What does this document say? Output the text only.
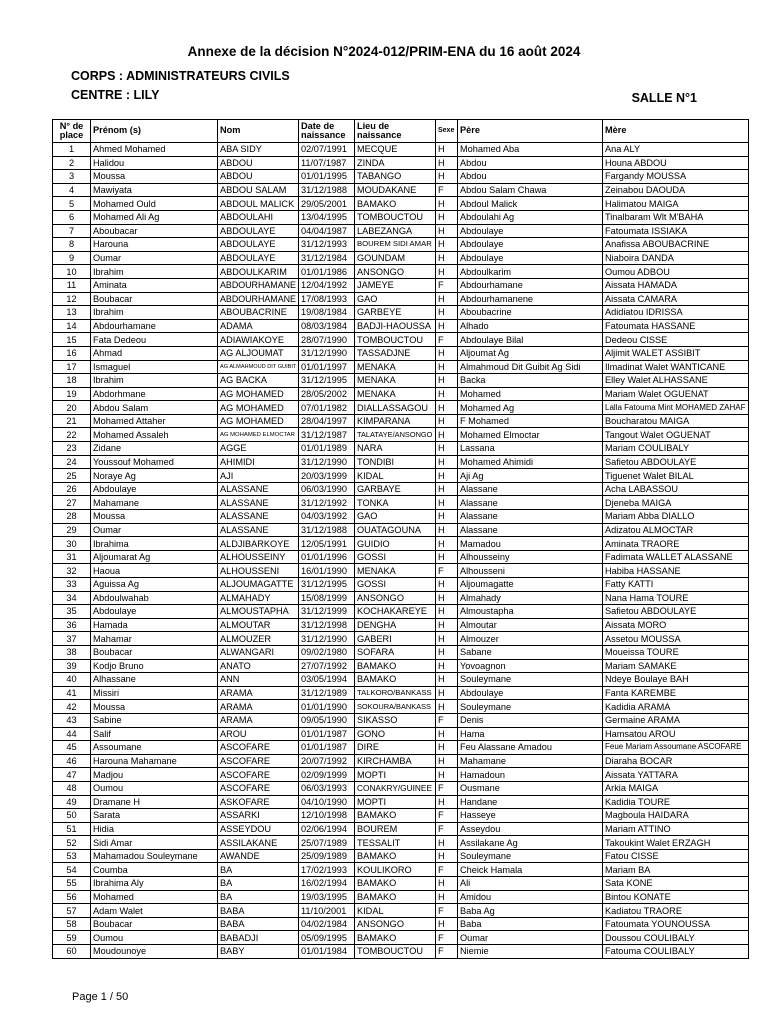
Annexe de la décision N°2024-012/PRIM-ENA du 16 août 2024
CORPS : ADMINISTRATEURS CIVILS
CENTRE : LILY	SALLE N°1
N° de place	Prénom (s)	Nom	Date de naissance	Lieu de naissance	Sexe	Père	Mère
1	Ahmed Mohamed	ABA SIDY	02/07/1991	MECQUE	H	Mohamed Aba	Ana ALY
2	Halidou	ABDOU	11/07/1987	ZINDA	H	Abdou	Houna ABDOU
3	Moussa	ABDOU	01/01/1995	TABANGO	H	Abdou	Fargandy MOUSSA
4	Mawiyata	ABDOU SALAM	31/12/1988	MOUDAKANE	F	Abdou Salam Chawa	Zeinabou DAOUDA
5	Mohamed Ould	ABDOUL MALICK	29/05/2001	BAMAKO	H	Abdoul Malick	Halimatou MAIGA
6	Mohamed Ali Ag	ABDOULAHI	13/04/1995	TOMBOUCTOU	H	Abdoulahi Ag	Tinalbaram Wlt M'BAHA
7	Aboubacar	ABDOULAYE	04/04/1987	LABEZANGA	H	Abdoulaye	Fatoumata ISSIAKA
8	Harouna	ABDOULAYE	31/12/1993	BOUREM SIDI AMAR	H	Abdoulaye	Anafissa ABOUBACRINE
9	Oumar	ABDOULAYE	31/12/1984	GOUNDAM	H	Abdoulaye	Niaboira DANDA
10	Ibrahim	ABDOULKARIM	01/01/1986	ANSONGO	H	Abdoulkarim	Oumou ADBOU
11	Aminata	ABDOURHAMANE	12/04/1992	JAMEYE	F	Abdourhamane	Aissata HAMADA
12	Boubacar	ABDOURHAMANE	17/08/1993	GAO	H	Abdourhamanene	Aissata CAMARA
13	Ibrahim	ABOUBACRINE	19/08/1984	GARBEYE	H	Aboubacrine	Adidiatou IDRISSA
14	Abdourhamane	ADAMA	08/03/1984	BADJI-HAOUSSA	H	Alhado	Fatoumata HASSANE
15	Fata Dedeou	ADIAWIAKOYE	28/07/1990	TOMBOUCTOU	F	Abdoulaye Bilal	Dedeou CISSE
16	Ahmad	AG ALJOUMAT	31/12/1990	TASSADJNE	H	Aljoumat Ag	Aljimit WALET ASSIBIT
17	Ismaguel	AG ALMAHMOUD DIT GUIBIT	01/01/1997	MENAKA	H	Almahmoud Dit Guibit Ag Sidi	Ilmadinat Walet WANTICANE
18	Ibrahim	AG BACKA	31/12/1995	MENAKA	H	Backa	Elley Walet ALHASSANE
19	Abdorhmane	AG MOHAMED	28/05/2002	MENAKA	H	Mohamed	Mariam Walet OGUENAT
20	Abdou Salam	AG MOHAMED	07/01/1982	DIALLASSAGOU	H	Mohamed Ag	Lalla Fatouma Mint MOHAMED ZAHAF
21	Mohamed Attaher	AG MOHAMED	28/04/1997	KIMPARANA	H	F Mohamed	Boucharatou MAIGA
22	Mohamed Assaleh	AG MOHAMED ELMOCTAR	31/12/1987	TALATAYE/ANSONGO	H	Mohamed Elmoctar	Tangout Walet OGUENAT
23	Zidane	AGGE	01/01/1989	NARA	H	Lassana	Mariam COULIBALY
24	Youssouf Mohamed	AHIMIDI	31/12/1990	TONDIBI	H	Mohamed Ahimidi	Safietou ABDOULAYE
25	Noraye Ag	AJI	20/03/1999	KIDAL	H	Aji Ag	Tiguenet Walet BILAL
26	Abdoulaye	ALASSANE	06/03/1990	GARBAYE	H	Alassane	Acha LABASSOU
27	Mahamane	ALASSANE	31/12/1992	TONKA	H	Alassane	Djeneba MAIGA
28	Moussa	ALASSANE	04/03/1992	GAO	H	Alassane	Mariam Abba DIALLO
29	Oumar	ALASSANE	31/12/1988	OUATAGOUNA	H	Alassane	Adizatou ALMOCTAR
30	Ibrahima	ALDJIBARKOYE	12/05/1991	GUIDIO	H	Mamadou	Aminata TRAORE
31	Aljoumarat Ag	ALHOUSSEINY	01/01/1996	GOSSI	H	Alhousseiny	Fadimata WALLET ALASSANE
32	Haoua	ALHOUSSENI	16/01/1990	MENAKA	F	Alhousseni	Habiba HASSANE
33	Aguissa Ag	ALJOUMAGATTE	31/12/1995	GOSSI	H	Aljoumagatte	Fatty KATTI
34	Abdoulwahab	ALMAHADY	15/08/1999	ANSONGO	H	Almahady	Nana Hama TOURE
35	Abdoulaye	ALMOUSTAPHA	31/12/1999	KOCHAKAREYE	H	Almoustapha	Safietou ABDOULAYE
36	Hamada	ALMOUTAR	31/12/1998	DENGHA	H	Almoutar	Aissata MORO
37	Mahamar	ALMOUZER	31/12/1990	GABERI	H	Almouzer	Assetou MOUSSA
38	Boubacar	ALWANGARI	09/02/1980	SOFARA	H	Sabane	Moueissa TOURE
39	Kodjo Bruno	ANATO	27/07/1992	BAMAKO	H	Yovoagnon	Mariam SAMAKE
40	Alhassane	ANN	03/05/1994	BAMAKO	H	Souleymane	Ndeye Boulaye BAH
41	Missiri	ARAMA	31/12/1989	TALKORO/BANKASS	H	Abdoulaye	Fanta KAREMBE
42	Moussa	ARAMA	01/01/1990	SOKOURA/BANKASS	H	Souleymane	Kadidia ARAMA
43	Sabine	ARAMA	09/05/1990	SIKASSO	F	Denis	Germaine ARAMA
44	Salif	AROU	01/01/1987	GONO	H	Hama	Hamsatou AROU
45	Assoumane	ASCOFARE	01/01/1987	DIRE	H	Feu Alassane Amadou	Feue Mariam Assoumane ASCOFARE
46	Harouna Mahamane	ASCOFARE	20/07/1992	KIRCHAMBA	H	Mahamane	Diaraha BOCAR
47	Madjou	ASCOFARE	02/09/1999	MOPTI	H	Hamadoun	Aissata YATTARA
48	Oumou	ASCOFARE	06/03/1993	CONAKRY/GUINEE	F	Ousmane	Arkia MAIGA
49	Dramane H	ASKOFARE	04/10/1990	MOPTI	H	Handane	Kadidia TOURE
50	Sarata	ASSARKI	12/10/1998	BAMAKO	F	Hasseye	Magboula HAIDARA
51	Hidia	ASSEYDOU	02/06/1994	BOUREM	F	Asseydou	Mariam ATTINO
52	Sidi Amar	ASSILAKANE	25/07/1989	TESSALIT	H	Assilakane Ag	Takoukint Walet ERZAGH
53	Mahamadou Souleymane	AWANDE	25/09/1989	BAMAKO	H	Souleymane	Fatou CISSE
54	Coumba	BA	17/02/1993	KOULIKORO	F	Cheick Hamala	Mariam BA
55	Ibrahima Aly	BA	16/02/1994	BAMAKO	H	Ali	Sata KONE
56	Mohamed	BA	19/03/1995	BAMAKO	H	Amidou	Bintou KONATE
57	Adam Walet	BABA	11/10/2001	KIDAL	F	Baba Ag	Kadiatou TRAORE
58	Boubacar	BABA	04/02/1984	ANSONGO	H	Baba	Fatoumata YOUNOUSSA
59	Oumou	BABADJI	05/09/1995	BAMAKO	F	Oumar	Doussou COULIBALY
60	Moudounoye	BABY	01/01/1984	TOMBOUCTOU	F	Niemie	Fatouma COULIBALY
Page 1 / 50
